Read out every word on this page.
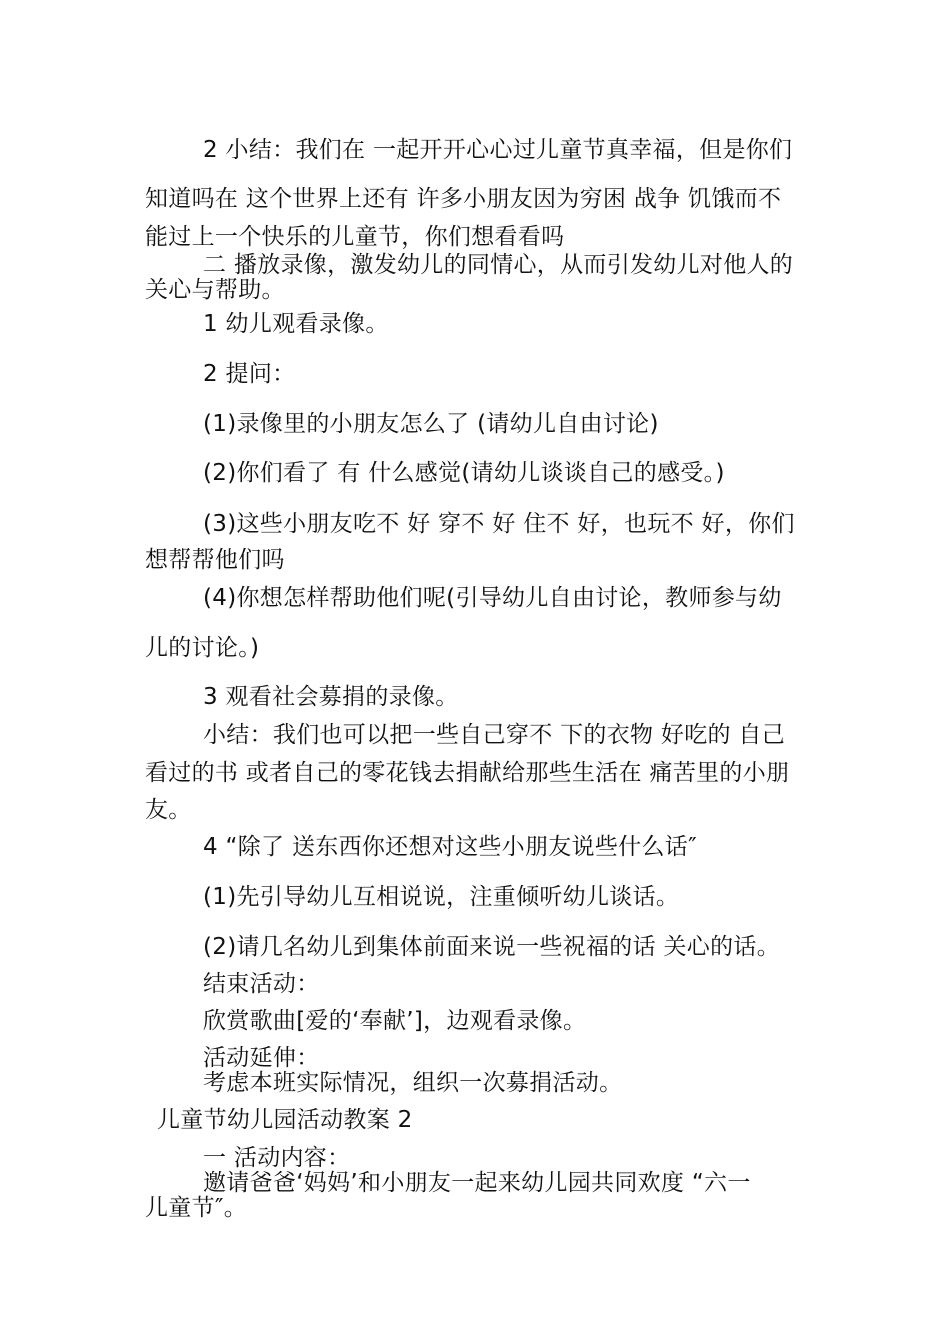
2 小结：我们在 一起开开心心过儿童节真幸福，但是你们

知道吗在 这个世界上还有 许多小朋友因为穷困 战争 饥饿而不

能过上一个快乐的儿童节，你们想看看吗

二 播放录像，激发幼儿的同情心，从而引发幼儿对他人的

关心与帮助。

1 幼儿观看录像。

2 提问：

(1)录像里的小朋友怎么了 (请幼儿自由讨论)

(2)你们看了 有 什么感觉(请幼儿谈谈自己的感受。)

(3)这些小朋友吃不 好 穿不 好 住不 好，也玩不 好，你们

想帮帮他们吗

(4)你想怎样帮助他们呢(引导幼儿自由讨论，教师参与幼

儿的讨论。)

3 观看社会募捐的录像。

小结：我们也可以把一些自己穿不 下的衣物 好吃的 自己

看过的书 或者自己的零花钱去捐献给那些生活在 痛苦里的小朋

友。

4 “除了 送东西你还想对这些小朋友说些什么话″

(1)先引导幼儿互相说说，注重倾听幼儿谈话。

(2)请几名幼儿到集体前面来说一些祝福的话 关心的话。

结束活动：

欣赏歌曲[爱的‘奉献’]，边观看录像。

活动延伸：

考虑本班实际情况，组织一次募捐活动。

儿童节幼儿园活动教案 2

一 活动内容：

邀请爸爸‘妈妈’和小朋友一起来幼儿园共同欢度 “六一

儿童节″。
